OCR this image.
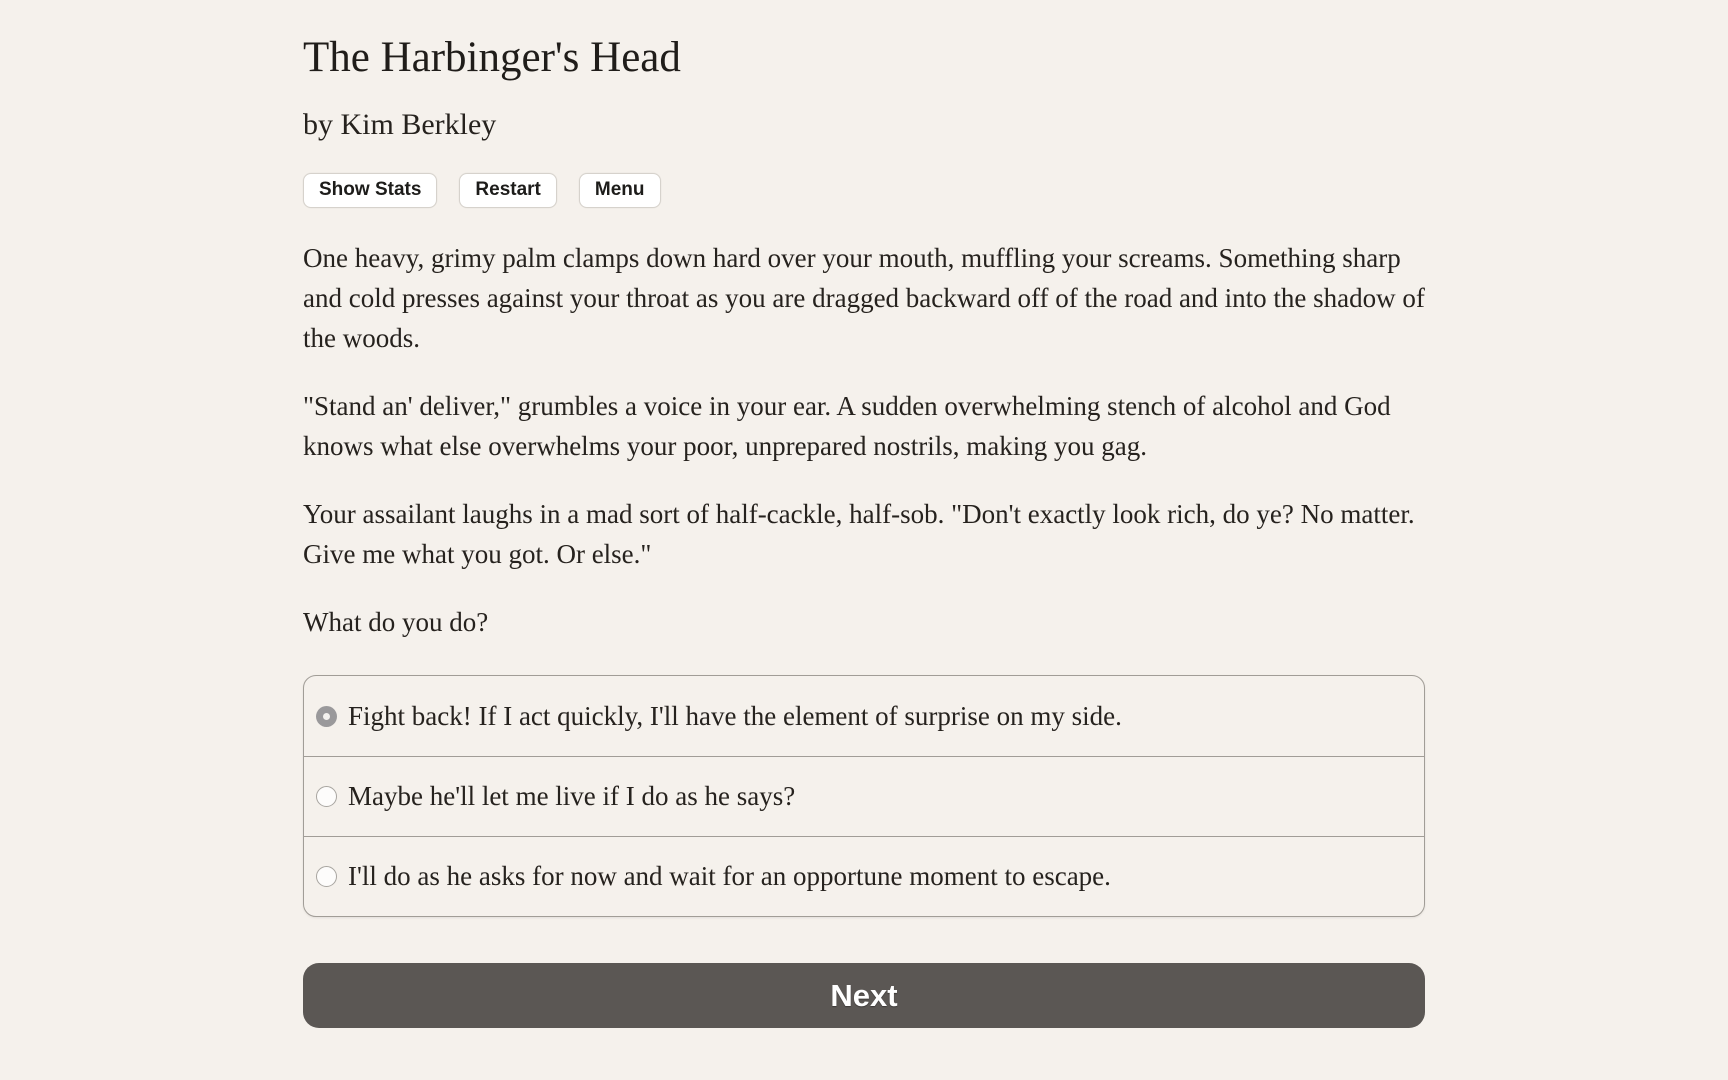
The Harbinger's Head

by Kim Berkley

Show Stats	Restart	Menu

One heavy, grimy palm clamps down hard over your mouth, muffling your screams. Something sharp and cold presses against your throat as you are dragged backward off of the road and into the shadow of the woods.

"Stand an' deliver," grumbles a voice in your ear. A sudden overwhelming stench of alcohol and God knows what else overwhelms your poor, unprepared nostrils, making you gag.

Your assailant laughs in a mad sort of half-cackle, half-sob. "Don't exactly look rich, do ye? No matter. Give me what you got. Or else."

What do you do?

Fight back! If I act quickly, I'll have the element of surprise on my side.
Maybe he'll let me live if I do as he says?
I'll do as he asks for now and wait for an opportune moment to escape.
Next
